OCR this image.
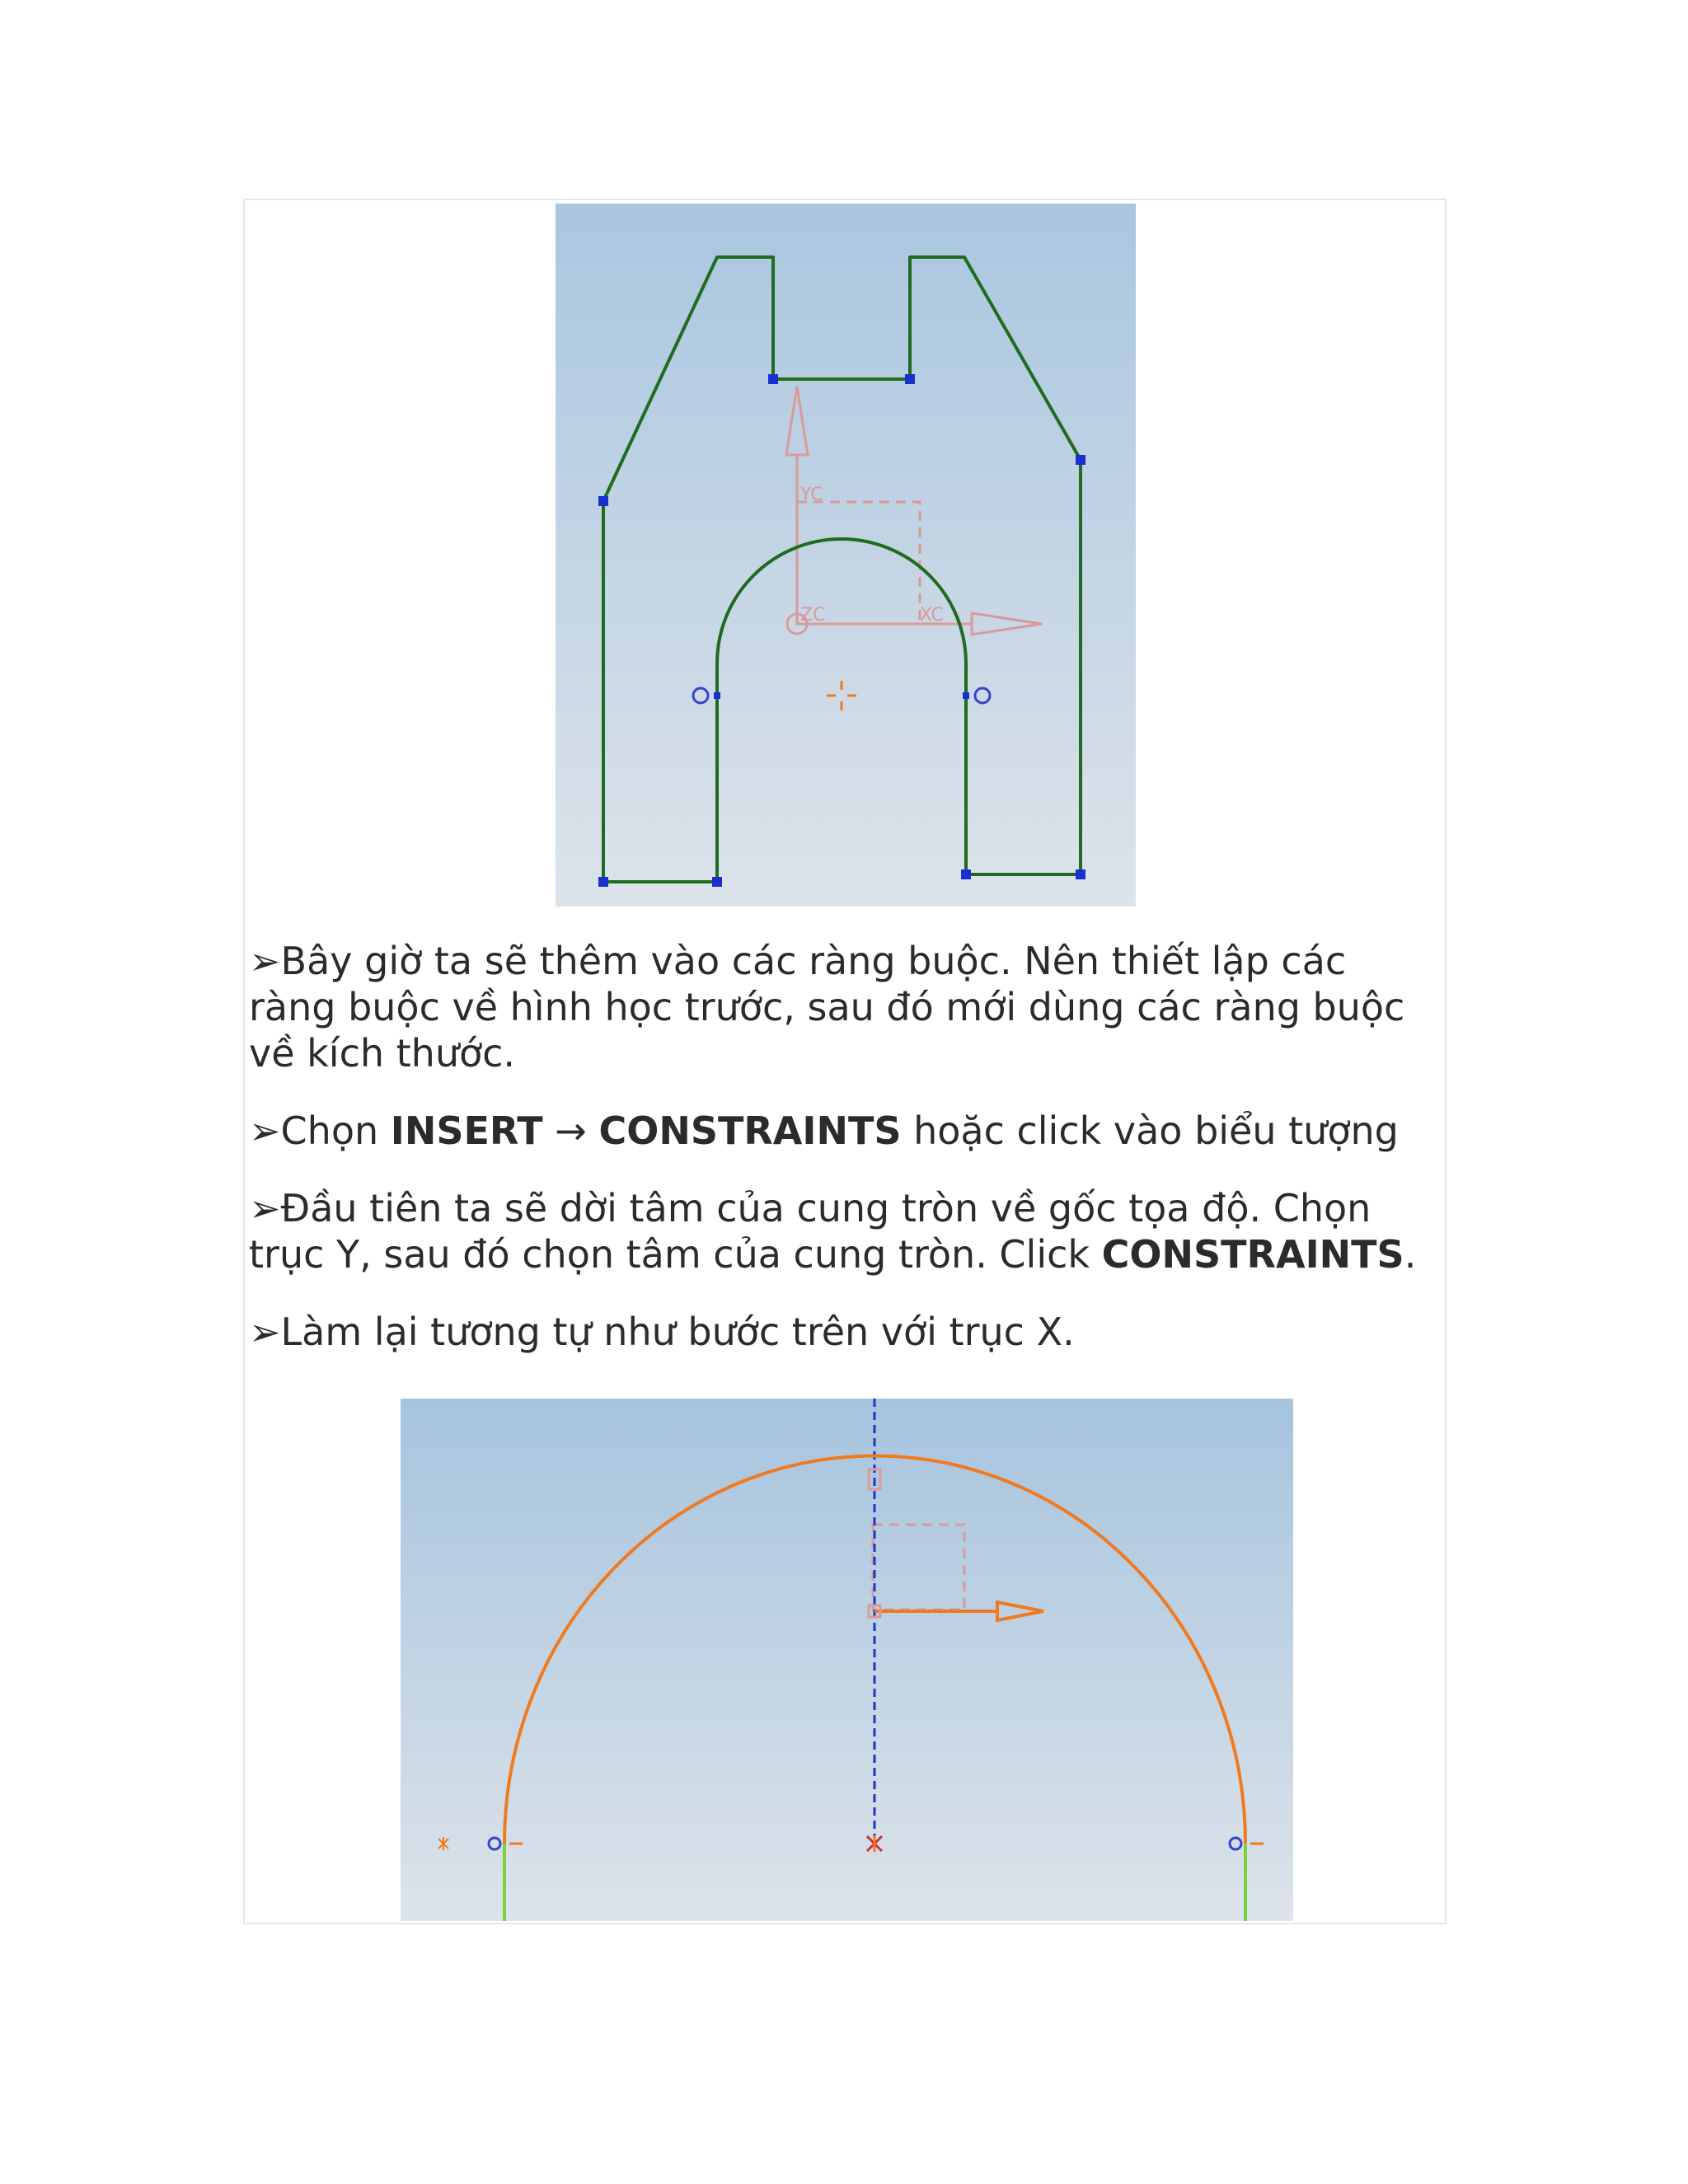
YC
ZC	XC

➢Bây giờ ta sẽ thêm vào các ràng buộc. Nên thiết lập các ràng buộc về hình học trước, sau đó mới dùng các ràng buộc về kích thước.

➢Chọn INSERT → CONSTRAINTS hoặc click vào biểu tượng

➢Đầu tiên ta sẽ dời tâm của cung tròn về gốc tọa độ. Chọn trục Y, sau đó chọn tâm của cung tròn. Click CONSTRAINTS.

➢Làm lại tương tự như bước trên với trục X.
